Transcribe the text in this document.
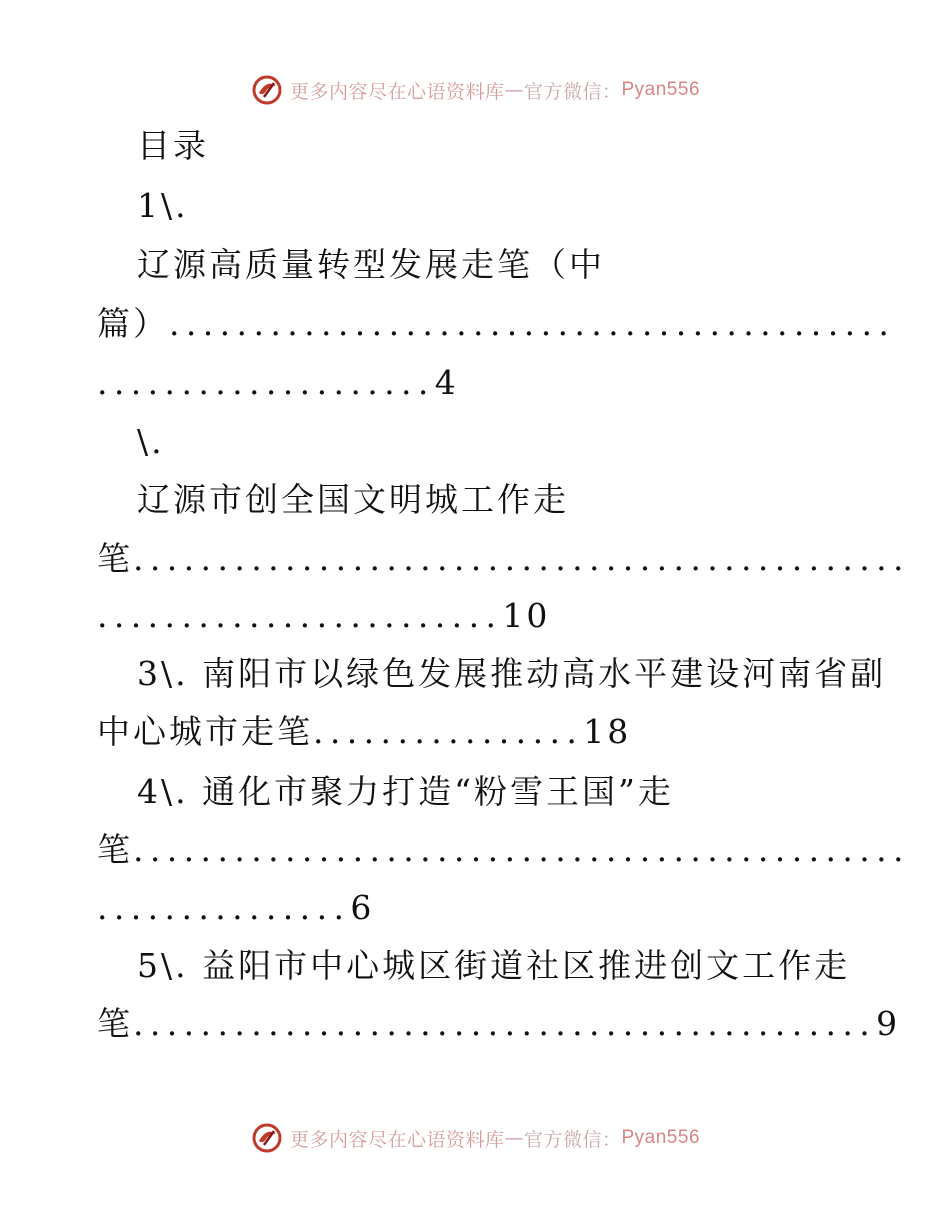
更多内容尽在心语资料库 — 官方微信： Pyan556
目录
1\.
辽源高质量转型发展走笔（中
篇）...........................................
....................4
\.
辽源市创全国文明城工作走
笔..............................................
........................10
3\. 南阳市以绿色发展推动高水平建设河南省副
中心城市走笔................18
4\. 通化市聚力打造“粉雪王国”走
笔..............................................
...............6
5\. 益阳市中心城区街道社区推进创文工作走
笔............................................9
更多内容尽在心语资料库 — 官方微信： Pyan556
